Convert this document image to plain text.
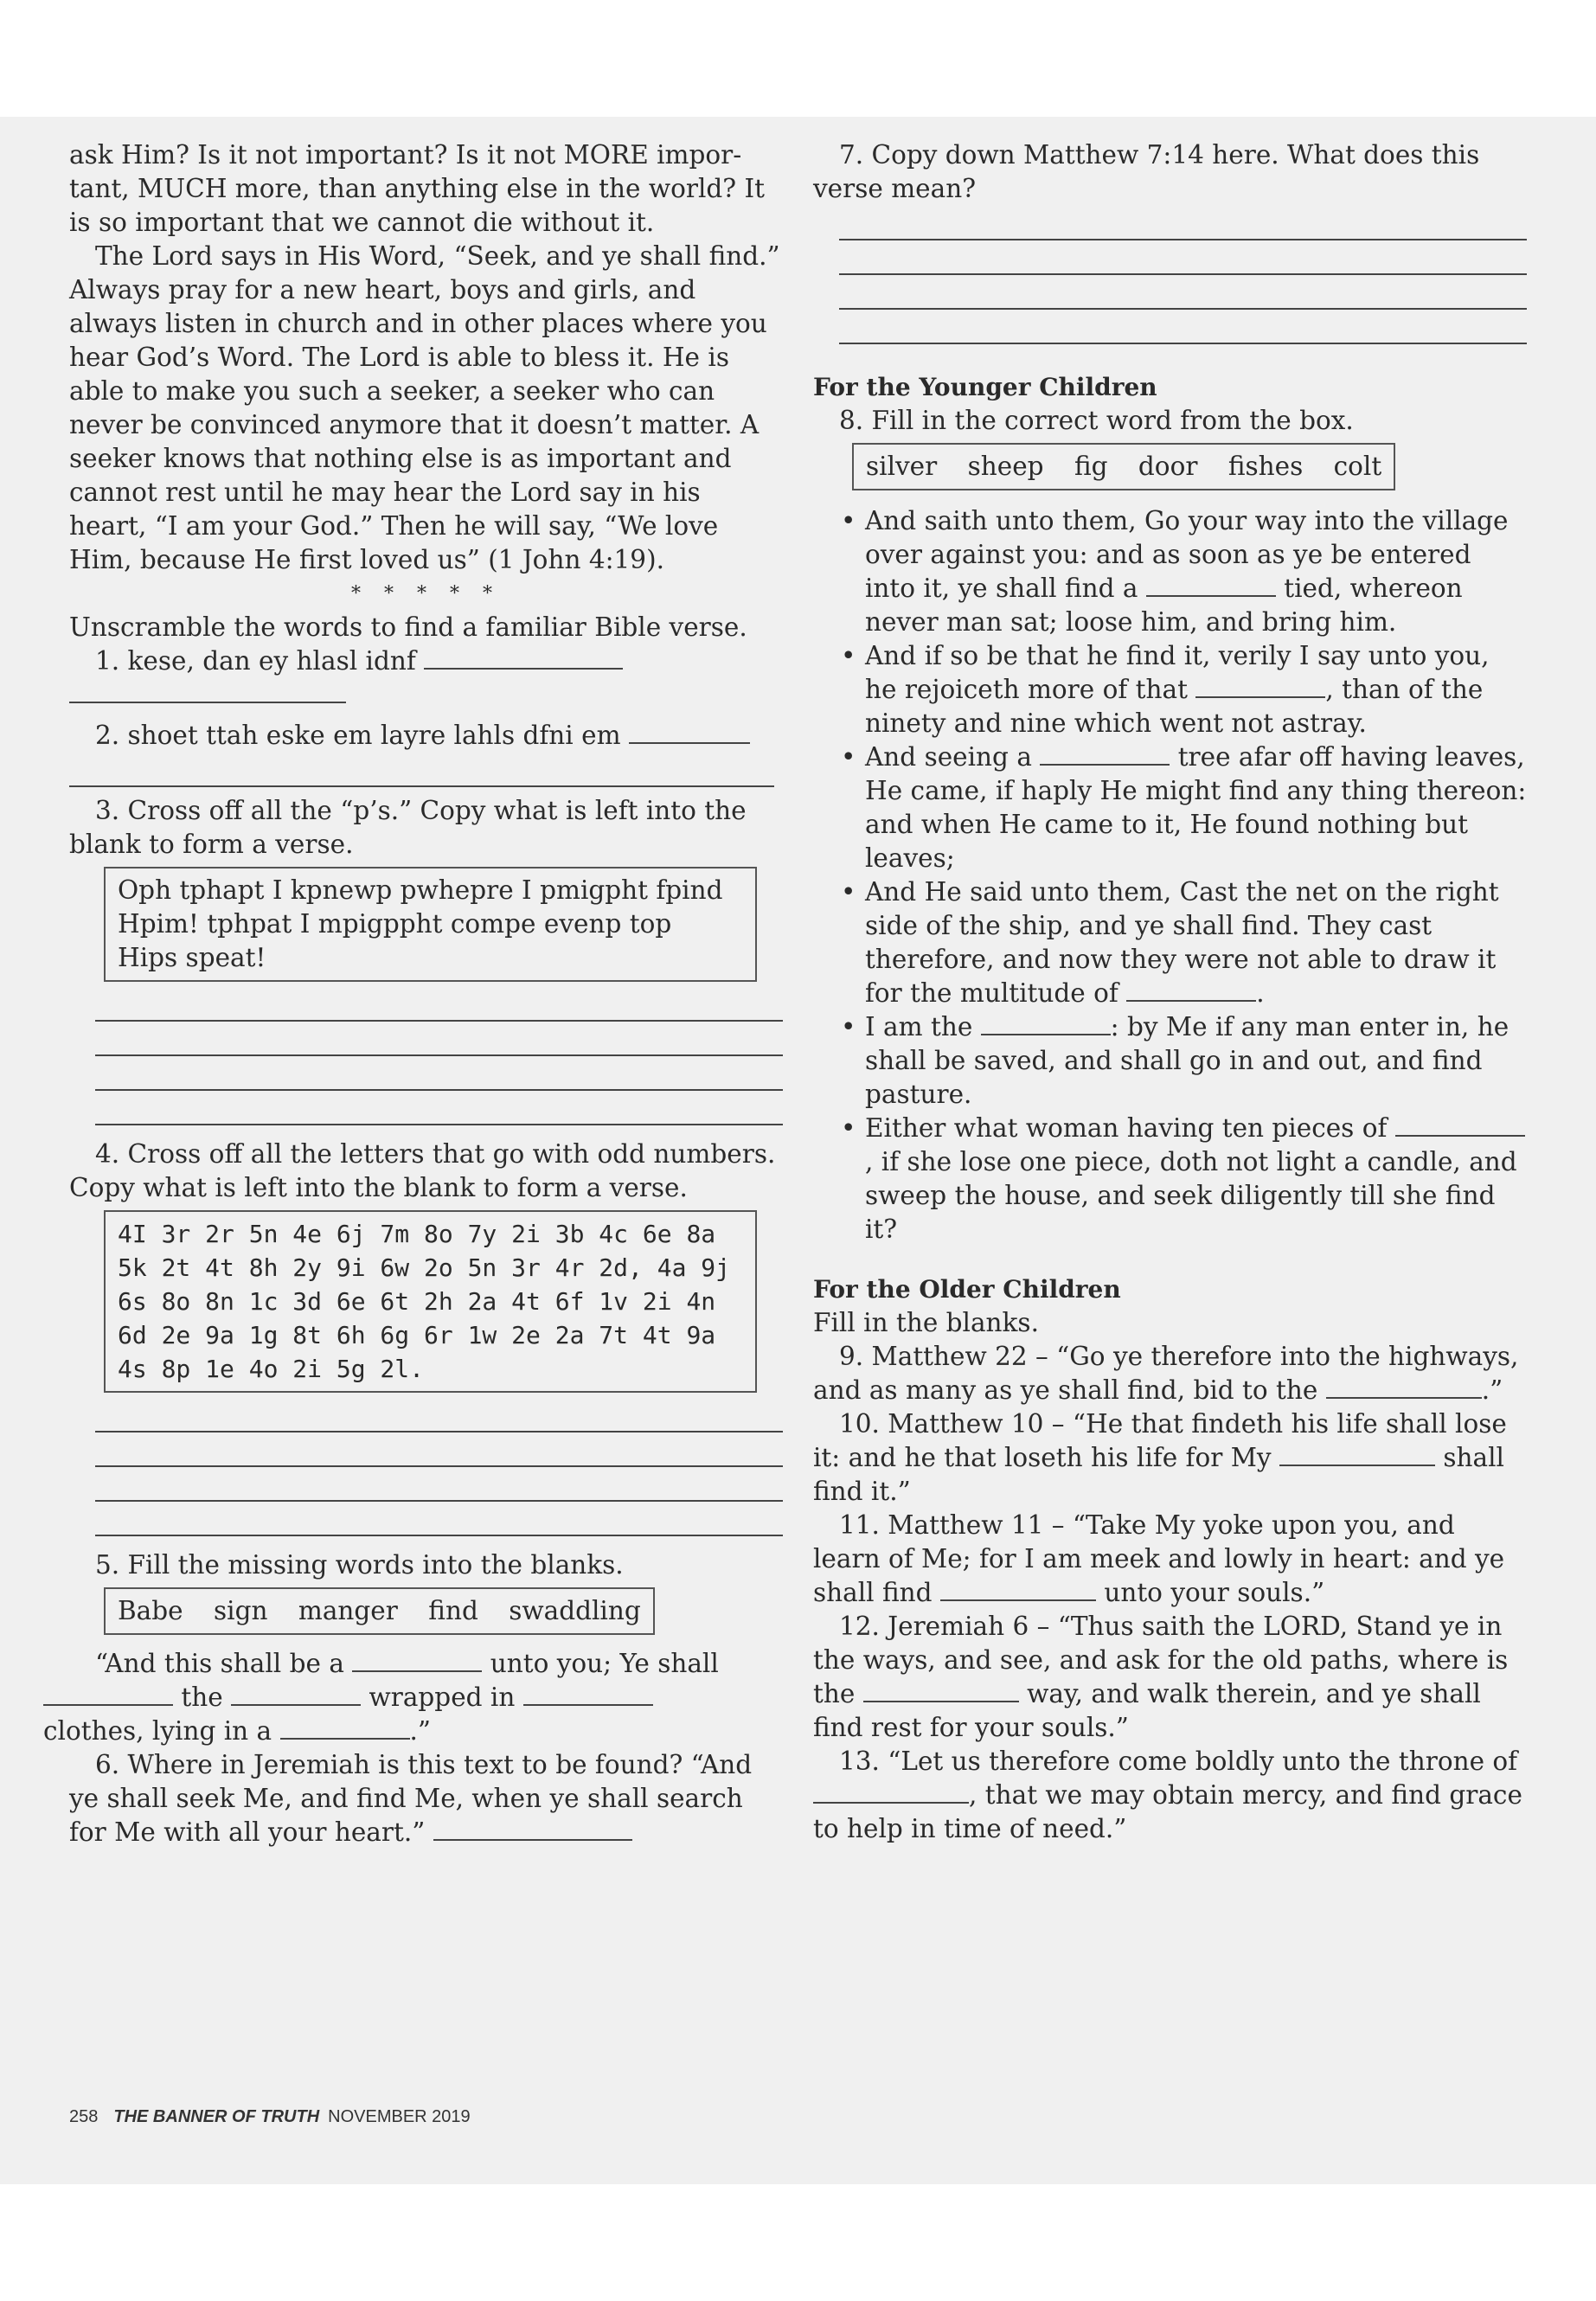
ask Him? Is it not important? Is it not MORE impor-tant, MUCH more, than anything else in the world? It is so important that we cannot die without it.

The Lord says in His Word, “Seek, and ye shall find.” Always pray for a new heart, boys and girls, and always listen in church and in other places where you hear God’s Word. The Lord is able to bless it. He is able to make you such a seeker, a seeker who can never be convinced anymore that it doesn’t matter. A seeker knows that nothing else is as important and cannot rest until he may hear the Lord say in his heart, “I am your God.” Then he will say, “We love Him, because He first loved us” (1 John 4:19).

* * * * *

Unscramble the words to find a familiar Bible verse.

1. kese, dan ey hlasl idnf

2. shoet ttah eske em layre lahls dfni em

3. Cross off all the “p’s.” Copy what is left into the blank to form a verse.

Oph tphapt I kpnewp pwhepre I pmigpht fpind
Hpim! tphpat I mpigppht compe evenp top
Hips speat!

4. Cross off all the letters that go with odd numbers. Copy what is left into the blank to form a verse.

4I 3r 2r 5n 4e 6j 7m 8o 7y 2i 3b 4c 6e 8a
5k 2t 4t 8h 2y 9i 6w 2o 5n 3r 4r 2d, 4a 9j
6s 8o 8n 1c 3d 6e 6t 2h 2a 4t 6f 1v 2i 4n
6d 2e 9a 1g 8t 6h 6g 6r 1w 2e 2a 7t 4t 9a
4s 8p 1e 4o 2i 5g 2l.

5. Fill the missing words into the blanks.

Babe sign manger find swaddling

“And this shall be a	unto you; Ye shall
the	wrapped in
clothes, lying in a	.”

6. Where in Jeremiah is this text to be found? “And ye shall seek Me, and find Me, when ye shall search for Me with all your heart.”

7. Copy down Matthew 7:14 here. What does this verse mean?

For the Younger Children

8. Fill in the correct word from the box.

silver sheep fig door fishes colt
• And saith unto them, Go your way into the village over against you: and as soon as ye be entered into it, ye shall find a	tied, whereon never man sat; loose him, and bring him.
• And if so be that he find it, verily I say unto you, he rejoiceth more of that	, than of the ninety and nine which went not astray.
• And seeing a	tree afar off having leaves, He came, if haply He might find any thing thereon: and when He came to it, He found nothing but leaves;
• And He said unto them, Cast the net on the right side of the ship, and ye shall find. They cast therefore, and now they were not able to draw it for the multitude of	.
• I am the	: by Me if any man enter in, he shall be saved, and shall go in and out, and find pasture.
• Either what woman having ten pieces of , if she lose one piece, doth not light a candle, and sweep the house, and seek diligently till she find it?

For the Older Children

Fill in the blanks.

9. Matthew 22 – “Go ye therefore into the highways, and as many as ye shall find, bid to the	.”

10. Matthew 10 – “He that findeth his life shall lose it: and he that loseth his life for My	shall find it.”

11. Matthew 11 – “Take My yoke upon you, and learn of Me; for I am meek and lowly in heart: and ye shall find	unto your souls.”

12. Jeremiah 6 – “Thus saith the LORD, Stand ye in the ways, and see, and ask for the old paths, where is the	way, and walk therein, and ye shall find rest for your souls.”

13. “Let us therefore come boldly unto the throne of , that we may obtain mercy, and find grace to help in time of need.”

258 THE BANNER OF TRUTH NOVEMBER 2019
